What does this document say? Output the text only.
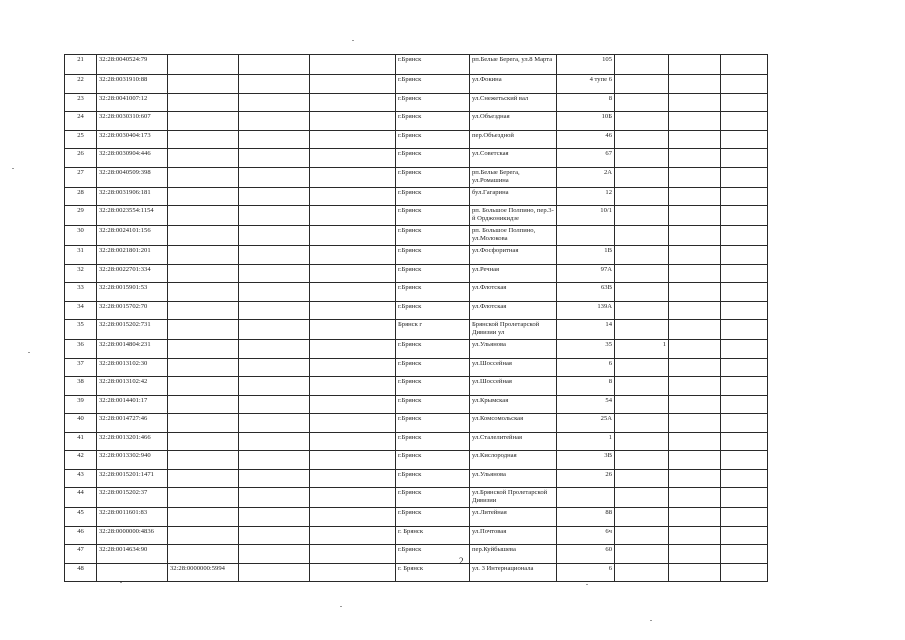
21	32:28:0040524:79				г.Брянск	рп.Белые Берега, ул.8 Марта	105			
22	32:28:0031910:88				г.Брянск	ул.Фокина	4 тупе 6			
23	32:28:0041007:12				г.Брянск	ул.Снежетьский вал	8			
24	32:28:0030310:607				г.Брянск	ул.Объездная	10Б			
25	32:28:0030404:173				г.Брянск	пер.Объездной	46			
26	32:28:0030904:446				г.Брянск	ул.Советская	67			
27	32:28:0040509:398				г.Брянск	рп.Белые Берега, ул.Ромашина	2А			
28	32:28:0031906:181				г.Брянск	бул.Гагарина	12			
29	32:28:0023554:1154				г.Брянск	рп. Большое Полпино, пер.3-й Орджоникидзе	10/1			
30	32:28:0024101:156				г.Брянск	рп. Большое Полпино, ул.Молокова				
31	32:28:0021801:201				г.Брянск	ул.Фосфоритная	1В			
32	32:28:0022701:334				г.Брянск	ул.Речная	97А			
33	32:28:0015901:53				г.Брянск	ул.Флотская	63В			
34	32:28:0015702:70				г.Брянск	ул.Флотская	139А			
35	32:28:0015202:731				Брянск г	Брянской Пролетарской Дивизии ул	14			
36	32:28:0014804:231				г.Брянск	ул.Ульянова	35	1		
37	32:28:0013102:30				г.Брянск	ул.Шоссейная	6			
38	32:28:0013102:42				г.Брянск	ул.Шоссейная	8			
39	32:28:0014401:17				г.Брянск	ул.Крымская	54			
40	32:28:0014727:46				г.Брянск	ул.Комсомольская	25А			
41	32:28:0013201:466				г.Брянск	ул.Сталелитейная	1			
42	32:28:0013302:940				г.Брянск	ул.Кислородная	3В			
43	32:28:0015201:1471				г.Брянск	ул.Ульянова	26			
44	32:28:0015202:37				г.Брянск	ул.Брянской Пролетарской Дивизии				
45	32:28:0011601:83				г.Брянск	ул.Литейная	88			
46	32:28:0000000:4836				г. Брянск	ул.Почтовая	6ч			
47	32:28:0014634:90				г.Брянск	пер.Куйбышева	60			
48		32:28:0000000:5994			г. Брянск	ул. 3 Интернационала	6			
2
